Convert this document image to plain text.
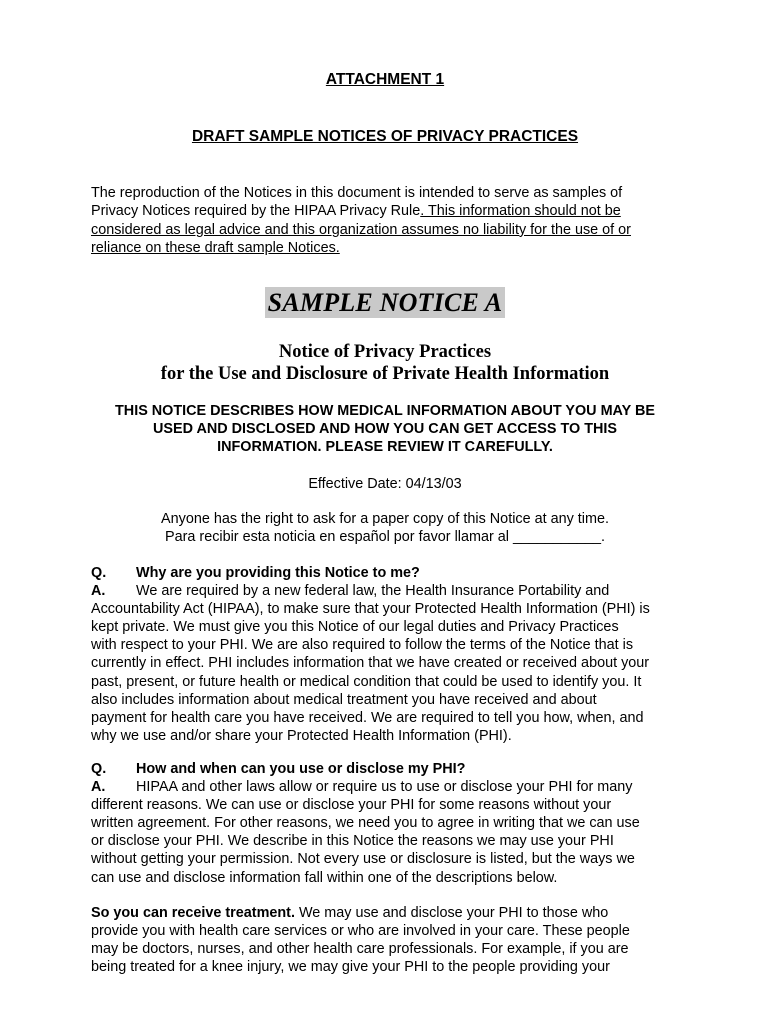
ATTACHMENT 1
DRAFT SAMPLE NOTICES OF PRIVACY PRACTICES
The reproduction of the Notices in this document is intended to serve as samples of
Privacy Notices required by the HIPAA Privacy Rule. This information should not be
considered as legal advice and this organization assumes no liability for the use of or
reliance on these draft sample Notices.
SAMPLE NOTICE A
Notice of Privacy Practices
for the Use and Disclosure of Private Health Information
THIS NOTICE DESCRIBES HOW MEDICAL INFORMATION ABOUT YOU MAY BE
USED AND DISCLOSED AND HOW YOU CAN GET ACCESS TO THIS
INFORMATION. PLEASE REVIEW IT CAREFULLY.
Effective Date: 04/13/03
Anyone has the right to ask for a paper copy of this Notice at any time.
Para recibir esta noticia en español por favor llamar al ___________.
Q. Why are you providing this Notice to me?
A. We are required by a new federal law, the Health Insurance Portability and
Accountability Act (HIPAA), to make sure that your Protected Health Information (PHI) is
kept private. We must give you this Notice of our legal duties and Privacy Practices
with respect to your PHI. We are also required to follow the terms of the Notice that is
currently in effect. PHI includes information that we have created or received about your
past, present, or future health or medical condition that could be used to identify you. It
also includes information about medical treatment you have received and about
payment for health care you have received. We are required to tell you how, when, and
why we use and/or share your Protected Health Information (PHI).
Q. How and when can you use or disclose my PHI?
A. HIPAA and other laws allow or require us to use or disclose your PHI for many
different reasons. We can use or disclose your PHI for some reasons without your
written agreement. For other reasons, we need you to agree in writing that we can use
or disclose your PHI. We describe in this Notice the reasons we may use your PHI
without getting your permission. Not every use or disclosure is listed, but the ways we
can use and disclose information fall within one of the descriptions below.
So you can receive treatment. We may use and disclose your PHI to those who
provide you with health care services or who are involved in your care. These people
may be doctors, nurses, and other health care professionals. For example, if you are
being treated for a knee injury, we may give your PHI to the people providing your
